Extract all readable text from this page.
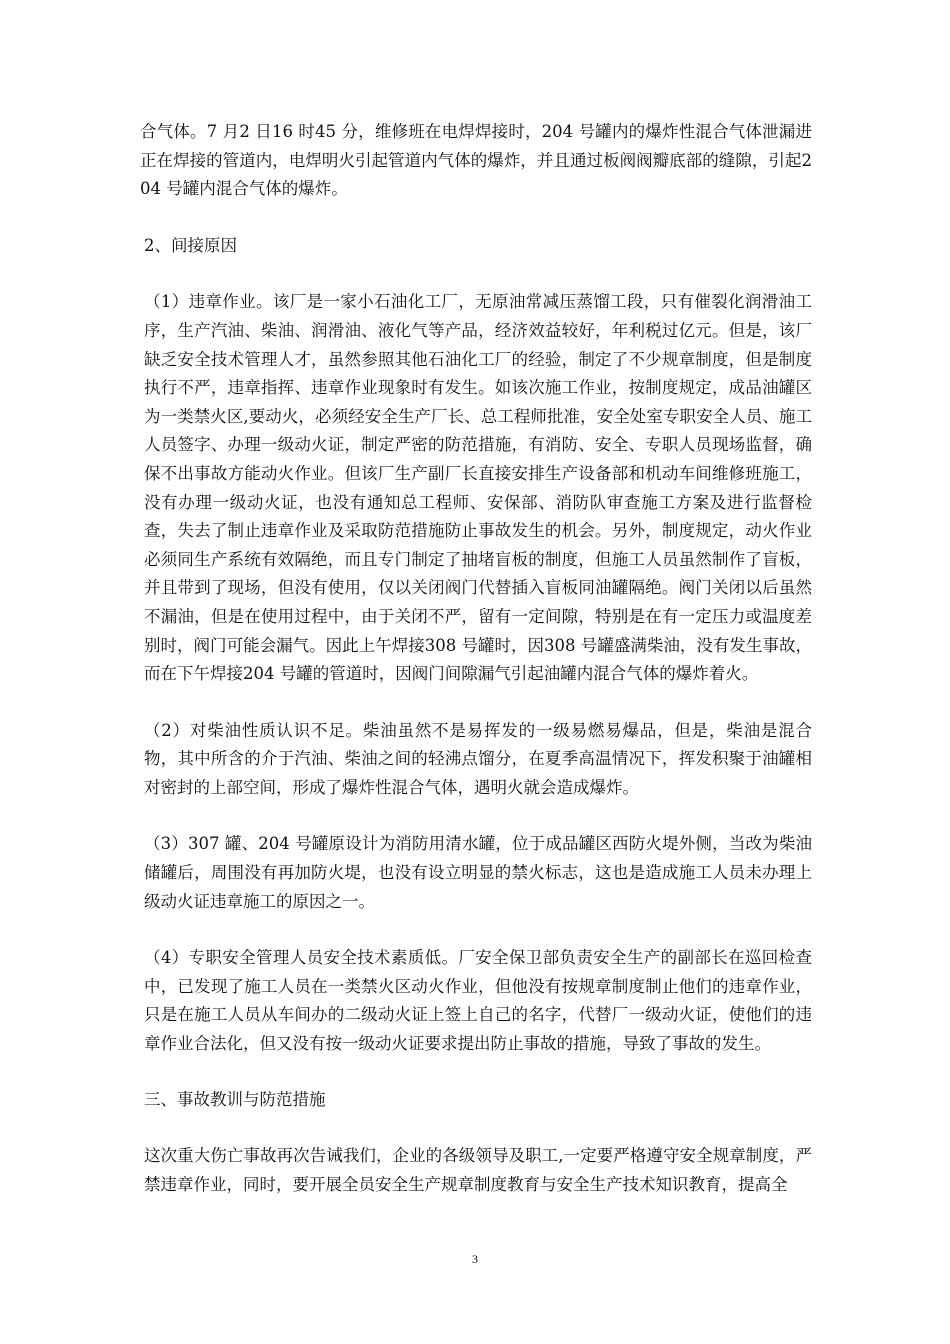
合气体。7 月2 日16 时45 分，维修班在电焊焊接时，204 号罐内的爆炸性混合气体泄漏进正在焊接的管道内，电焊明火引起管道内气体的爆炸，并且通过板阀阀瓣底部的缝隙，引起204 号罐内混合气体的爆炸。

2、间接原因

（1）违章作业。该厂是一家小石油化工厂，无原油常减压蒸馏工段，只有催裂化润滑油工序，生产汽油、柴油、润滑油、液化气等产品，经济效益较好，年利税过亿元。但是，该厂缺乏安全技术管理人才，虽然参照其他石油化工厂的经验，制定了不少规章制度，但是制度执行不严，违章指挥、违章作业现象时有发生。如该次施工作业，按制度规定，成品油罐区为一类禁火区,要动火，必须经安全生产厂长、总工程师批准，安全处室专职安全人员、施工人员签字、办理一级动火证，制定严密的防范措施，有消防、安全、专职人员现场监督，确保不出事故方能动火作业。但该厂生产副厂长直接安排生产设备部和机动车间维修班施工，没有办理一级动火证，也没有通知总工程师、安保部、消防队审查施工方案及进行监督检查，失去了制止违章作业及采取防范措施防止事故发生的机会。另外，制度规定，动火作业必须同生产系统有效隔绝，而且专门制定了抽堵盲板的制度，但施工人员虽然制作了盲板，并且带到了现场，但没有使用，仅以关闭阀门代替插入盲板同油罐隔绝。阀门关闭以后虽然不漏油，但是在使用过程中，由于关闭不严，留有一定间隙，特别是在有一定压力或温度差别时，阀门可能会漏气。因此上午焊接308 号罐时，因308 号罐盛满柴油，没有发生事故，而在下午焊接204 号罐的管道时，因阀门间隙漏气引起油罐内混合气体的爆炸着火。

（2）对柴油性质认识不足。柴油虽然不是易挥发的一级易燃易爆品，但是，柴油是混合物，其中所含的介于汽油、柴油之间的轻沸点馏分，在夏季高温情况下，挥发积聚于油罐相对密封的上部空间，形成了爆炸性混合气体，遇明火就会造成爆炸。

（3）307 罐、204 号罐原设计为消防用清水罐，位于成品罐区西防火堤外侧，当改为柴油储罐后，周围没有再加防火堤，也没有设立明显的禁火标志，这也是造成施工人员未办理上级动火证违章施工的原因之一。

（4）专职安全管理人员安全技术素质低。厂安全保卫部负责安全生产的副部长在巡回检查中，已发现了施工人员在一类禁火区动火作业，但他没有按规章制度制止他们的违章作业，只是在施工人员从车间办的二级动火证上签上自己的名字，代替厂一级动火证，使他们的违章作业合法化，但又没有按一级动火证要求提出防止事故的措施，导致了事故的发生。

三、事故教训与防范措施

这次重大伤亡事故再次告诫我们，企业的各级领导及职工,一定要严格遵守安全规章制度，严禁违章作业，同时，要开展全员安全生产规章制度教育与安全生产技术知识教育，提高全

3
